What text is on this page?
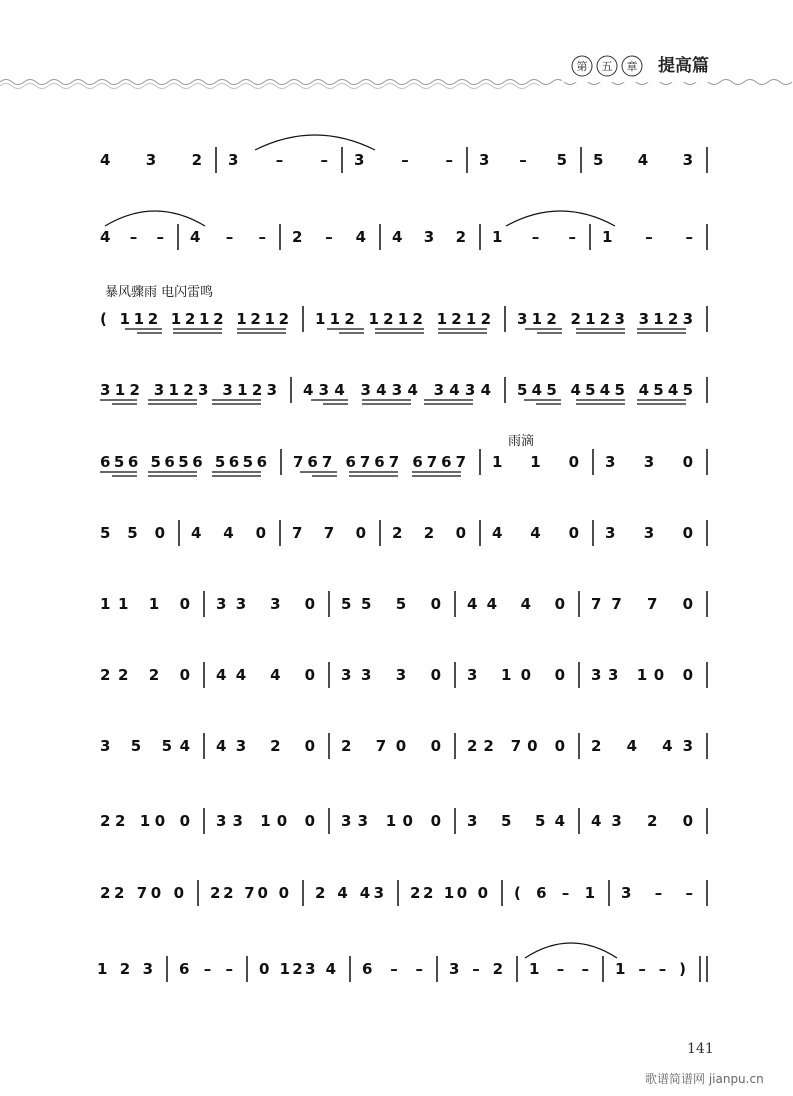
第 五 章 提高篇
4 3 2 3 – – 3 – – 3 – 5 5 4 3
4 – – 4 – – 2 – 4 4 3 2 1 – – 1 – –
( 112 1212 1212 112 1212 1212 312 2123 3123
312 3123 3123 434 3434 3434 545 4545 4545
656 5656 5656 767 6767 6767 1 1 0 3 3 0
5 5 0 4 4 0 7 7 0 2 2 0 4 4 0 3 3 0
11 1 0 33 3 0 55 5 0 44 4 0 77 7 0
22 2 0 44 4 0 33 3 0 3 10 0 33 10 0
3 5 54 43 2 0 2 70 0 22 70 0 2 4 43
22 10 0 33 10 0 33 10 0 3 5 54 43 2 0
22 70 0 22 70 0 2 4 43 22 10 0 ( 6 – 1 3 – –
1 2 3 6 – – 0 123 4 6 – – 3 – 2 1 – – 1 – – )
暴风骤雨 电闪雷鸣
雨滴
141
歌谱简谱网 jianpu.cn
